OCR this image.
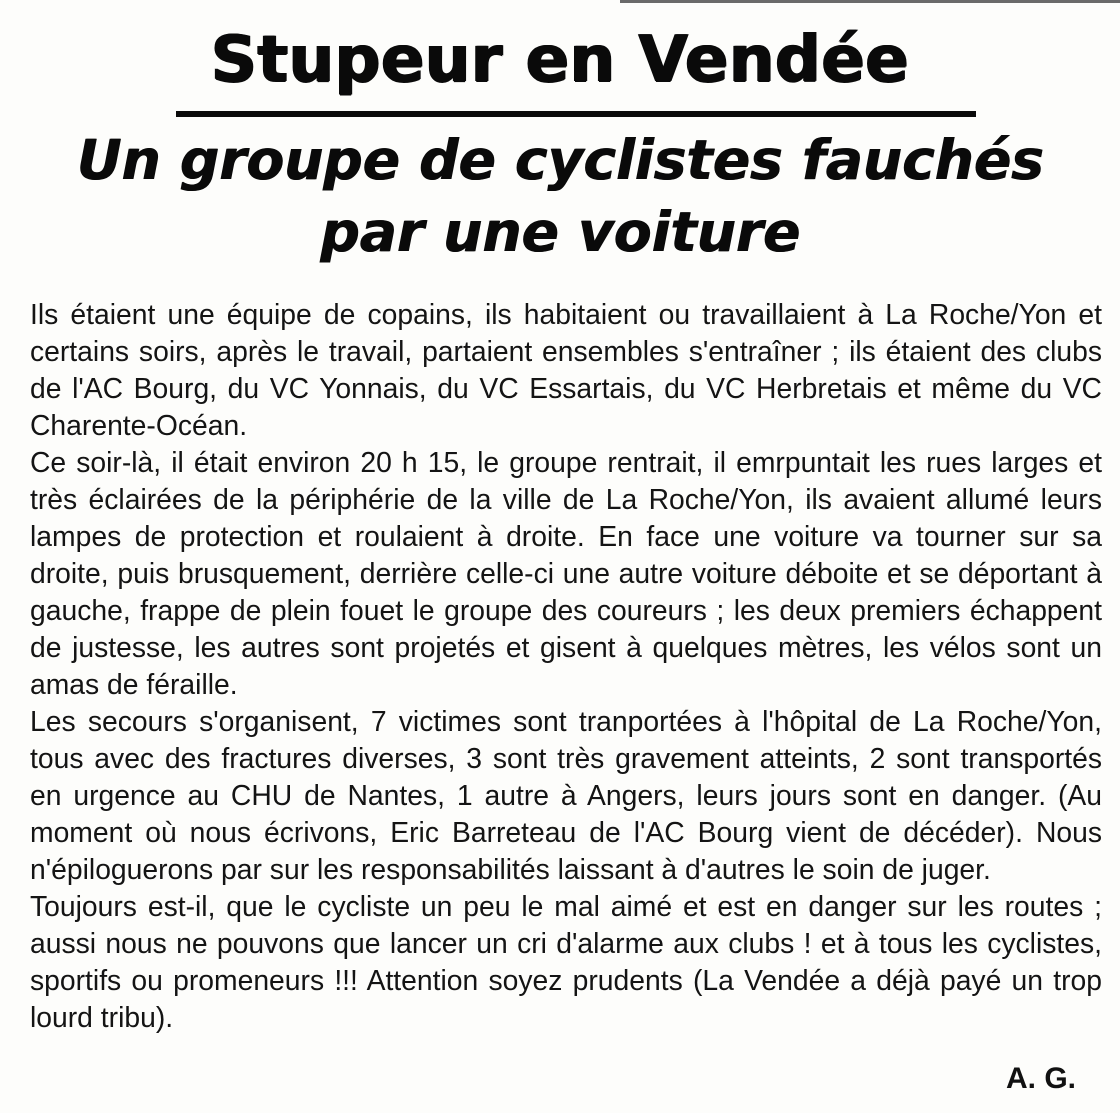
Stupeur en Vendée
Un groupe de cyclistes fauchés par une voiture

Ils étaient une équipe de copains, ils habitaient ou travaillaient à La Roche/Yon et certains soirs, après le travail, partaient ensembles s'entraîner ; ils étaient des clubs de l'AC Bourg, du VC Yonnais, du VC Essartais, du VC Herbretais et même du VC Charente-Océan.

Ce soir-là, il était environ 20 h 15, le groupe rentrait, il emrpuntait les rues larges et très éclairées de la périphérie de la ville de La Roche/Yon, ils avaient allumé leurs lampes de protection et roulaient à droite. En face une voiture va tourner sur sa droite, puis brusquement, derrière celle-ci une autre voiture déboite et se déportant à gauche, frappe de plein fouet le groupe des coureurs ; les deux premiers échappent de justesse, les autres sont projetés et gisent à quelques mètres, les vélos sont un amas de féraille.

Les secours s'organisent, 7 victimes sont tranportées à l'hôpital de La Roche/Yon, tous avec des fractures diverses, 3 sont très gravement atteints, 2 sont transportés en urgence au CHU de Nantes, 1 autre à Angers, leurs jours sont en danger. (Au moment où nous écrivons, Eric Barreteau de l'AC Bourg vient de décéder). Nous n'épiloguerons par sur les responsabilités laissant à d'autres le soin de juger.

Toujours est-il, que le cycliste un peu le mal aimé et est en danger sur les routes ; aussi nous ne pouvons que lancer un cri d'alarme aux clubs ! et à tous les cyclistes, sportifs ou promeneurs !!! Attention soyez prudents (La Vendée a déjà payé un trop lourd tribu).

A. G.
